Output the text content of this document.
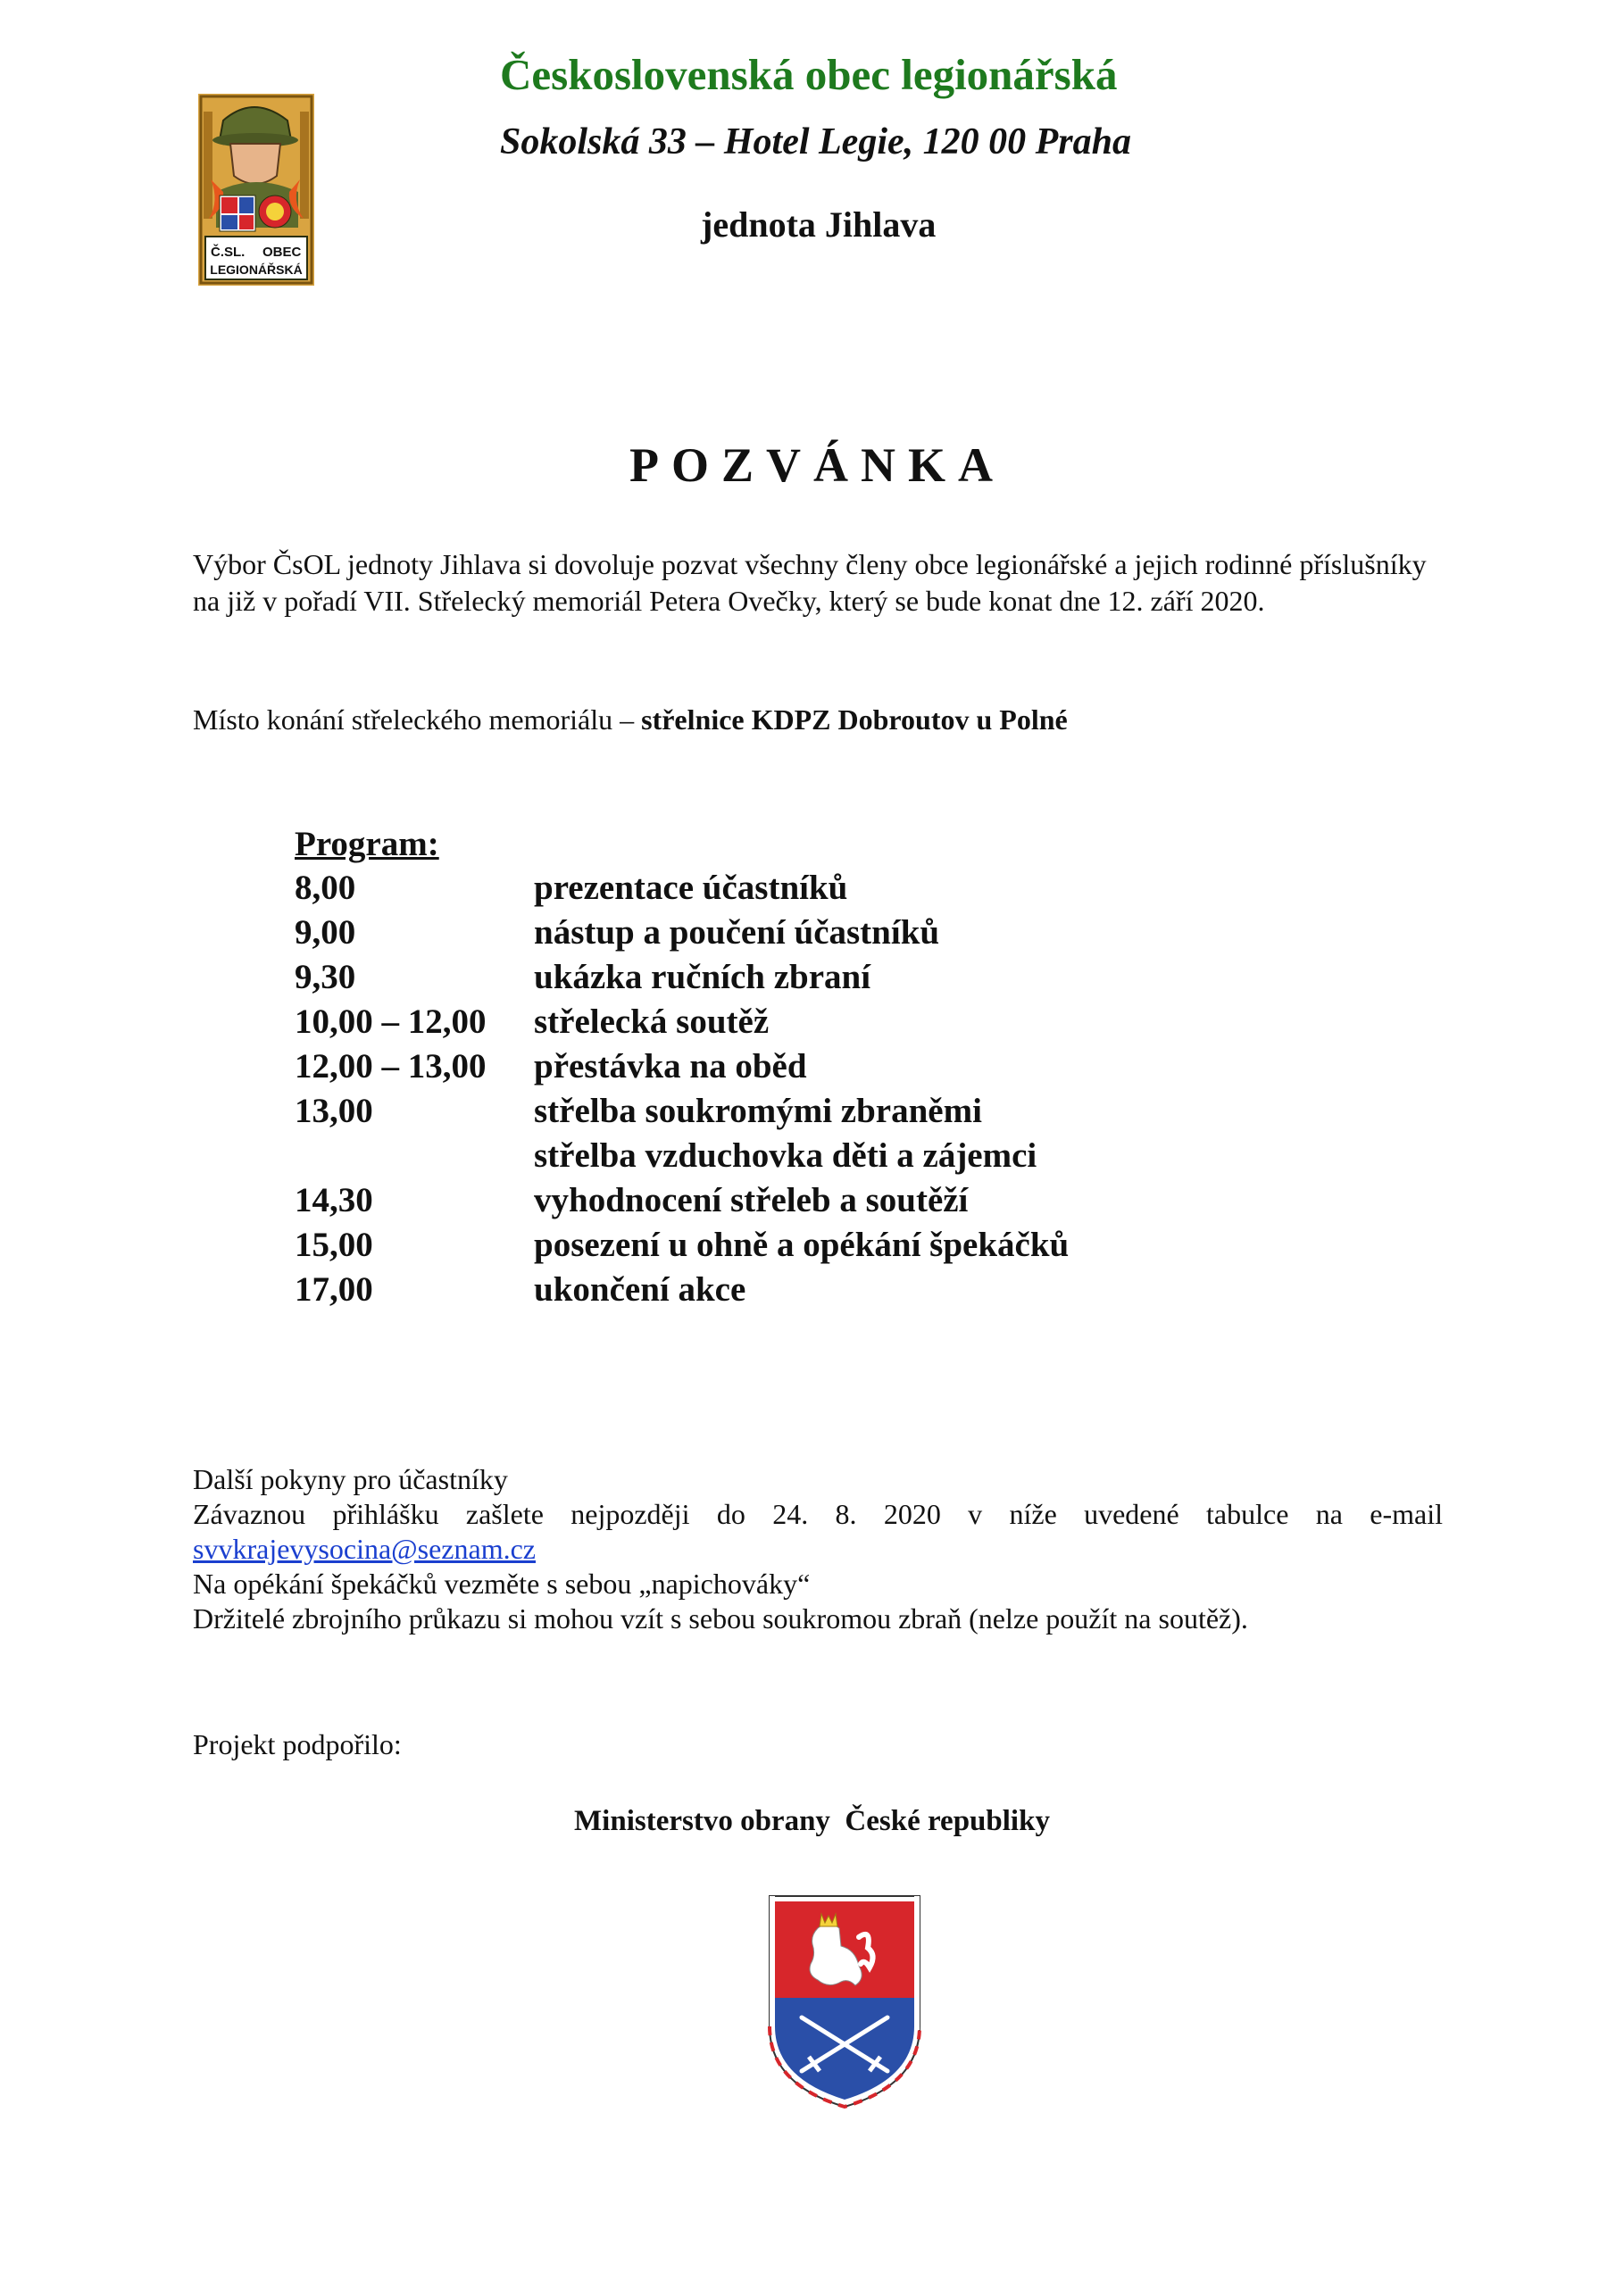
Č.SL. OBEC
LEGIONÁŘSKÁ
Československá obec legionářská
Sokolská 33 – Hotel Legie, 120 00 Praha
jednota Jihlava
POZVÁNKA
Výbor ČsOL jednoty Jihlava si dovoluje pozvat všechny členy obce legionářské a jejich rodinné příslušníky na již v pořadí VII. Střelecký memoriál Petera Ovečky, který se bude konat dne 12. září 2020.
Místo konání střeleckého memoriálu – střelnice KDPZ Dobroutov u Polné
Program:
8,00	prezentace účastníků
9,00	nástup a poučení účastníků
9,30	ukázka ručních zbraní
10,00 – 12,00	střelecká soutěž
12,00 – 13,00	přestávka na oběd
13,00	střelba soukromými zbraněmi
střelba vzduchovka děti a zájemci
14,30	vyhodnocení střeleb a soutěží
15,00	posezení u ohně a opékání špekáčků
17,00	ukončení akce
Další pokyny pro účastníky
Závaznou přihlášku zašlete nejpozději do 24. 8. 2020 v níže uvedené tabulce na e-mail
svvkrajevysocina@seznam.cz
Na opékání špekáčků vezměte s sebou „napichováky“
Držitelé zbrojního průkazu si mohou vzít s sebou soukromou zbraň (nelze použít na soutěž).
Projekt podpořilo:
Ministerstvo obrany  České republiky
